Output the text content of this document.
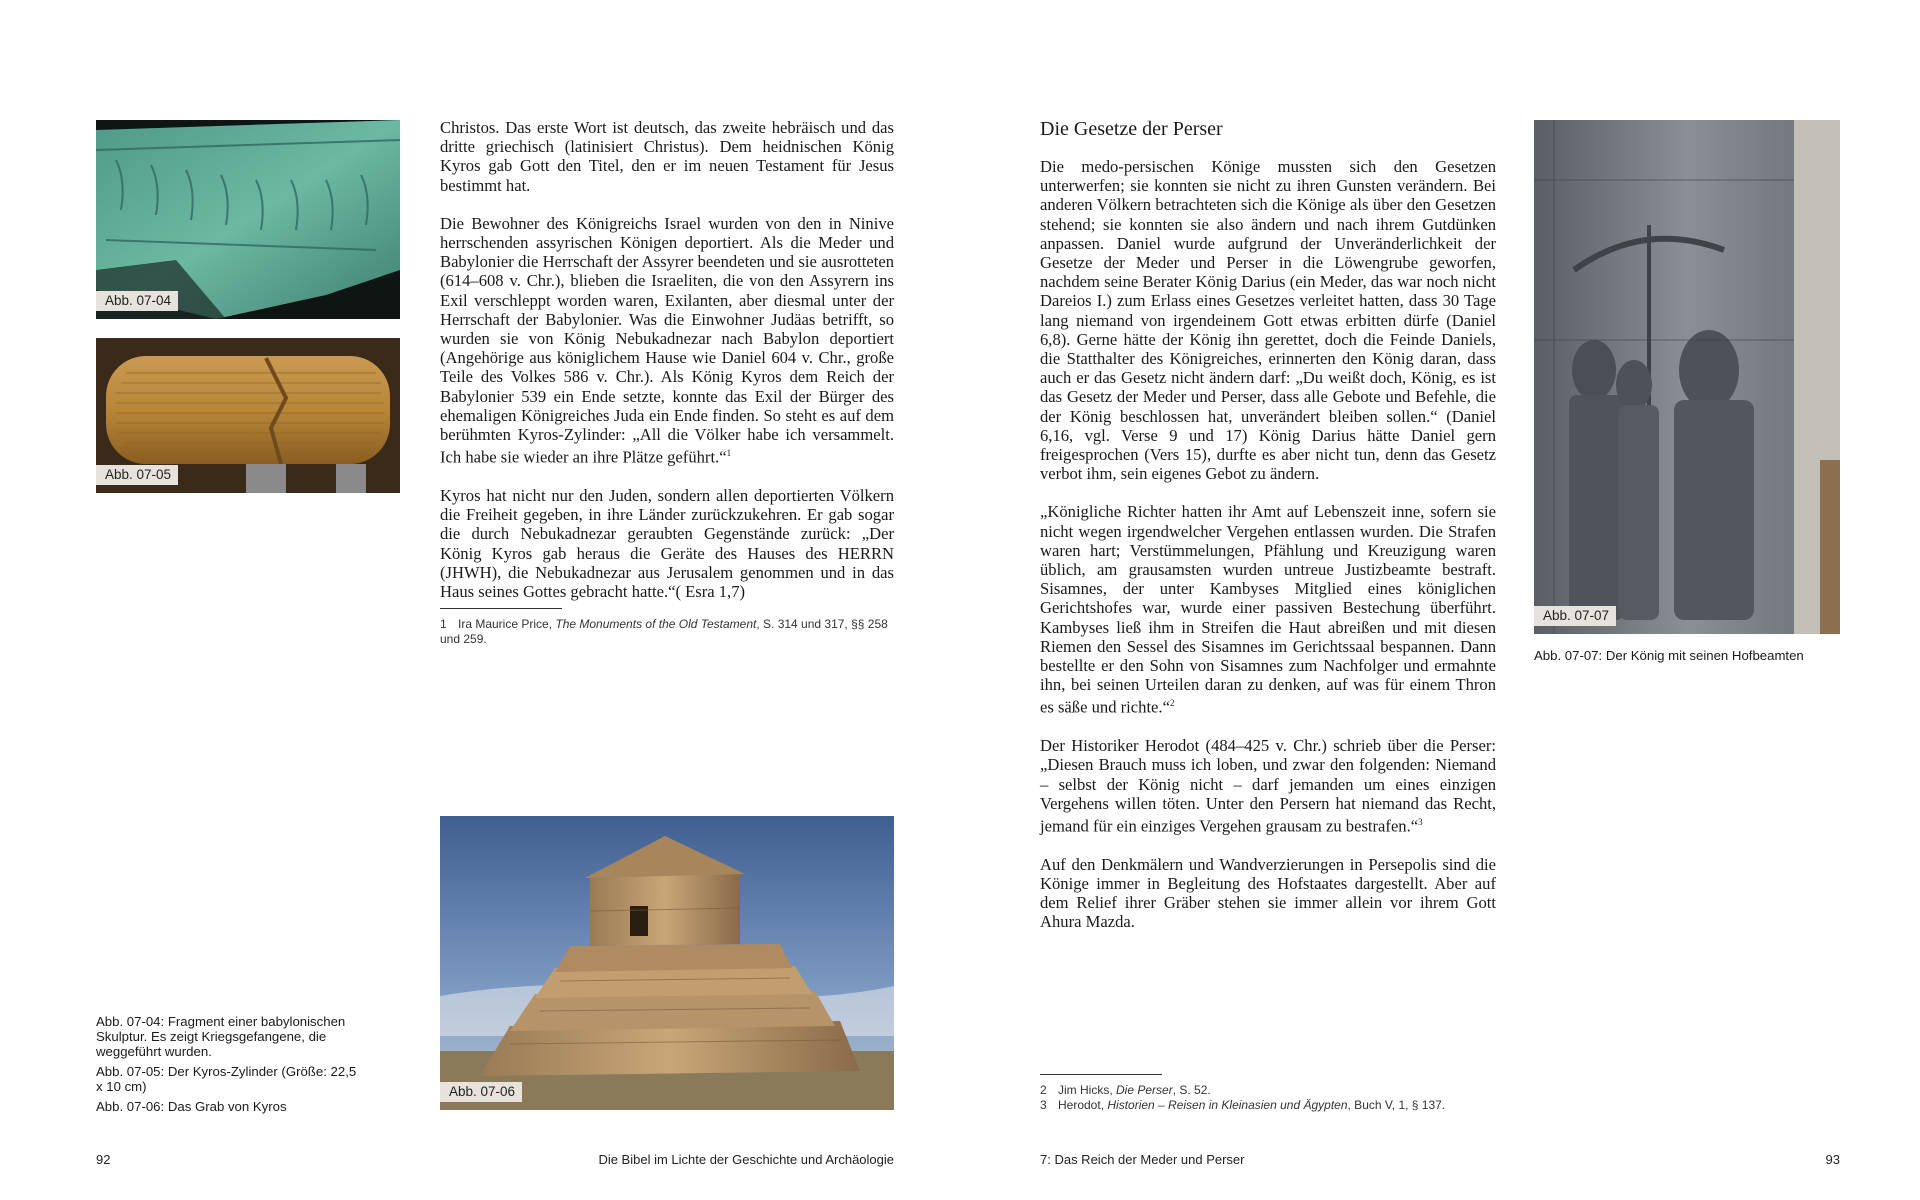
Abb. 07-04
Abb. 07-05

Christos. Das erste Wort ist deutsch, das zweite hebräisch und das dritte griechisch (latinisiert Christus). Dem heidnischen König Kyros gab Gott den Titel, den er im neuen Testament für Jesus bestimmt hat.

Die Bewohner des Königreichs Israel wurden von den in Ninive herrschenden assyrischen Königen deportiert. Als die Meder und Babylonier die Herrschaft der Assyrer beendeten und sie ausrotteten (614–608 v. Chr.), blieben die Israeliten, die von den Assyrern ins Exil verschleppt worden waren, Exilanten, aber diesmal unter der Herrschaft der Babylonier. Was die Einwohner Judäas betrifft, so wurden sie von König Nebukadnezar nach Babylon deportiert (Angehörige aus königlichem Hause wie Daniel 604 v. Chr., große Teile des Volkes 586 v. Chr.). Als König Kyros dem Reich der Babylonier 539 ein Ende setzte, konnte das Exil der Bürger des ehemaligen Königreiches Juda ein Ende finden. So steht es auf dem berühmten Kyros-Zylinder: „All die Völker habe ich versammelt. Ich habe sie wieder an ihre Plätze geführt.“$^1$

Kyros hat nicht nur den Juden, sondern allen deportierten Völkern die Freiheit gegeben, in ihre Länder zurückzukehren. Er gab sogar die durch Nebukadnezar geraubten Gegenstände zurück: „Der König Kyros gab heraus die Geräte des Hauses des HERRN (JHWH), die Nebukadnezar aus Jerusalem genommen und in das Haus seines Gottes gebracht hatte.“( Esra 1,7)

1 Ira Maurice Price, The Monuments of the Old Testament, S. 314 und 317, §§ 258 und 259.
Abb. 07-06
Abb. 07-04: Fragment einer babylonischen Skulptur. Es zeigt Kriegsgefangene, die weggeführt wurden.
Abb. 07-05: Der Kyros-Zylinder (Größe: 22,5 x 10 cm)
Abb. 07-06: Das Grab von Kyros
92	Die Bibel im Lichte der Geschichte und Archäologie
Die Gesetze der Perser

Die medo-persischen Könige mussten sich den Gesetzen unterwerfen; sie konnten sie nicht zu ihren Gunsten verändern. Bei anderen Völkern betrachteten sich die Könige als über den Gesetzen stehend; sie konnten sie also ändern und nach ihrem Gutdünken anpassen. Daniel wurde aufgrund der Unveränderlichkeit der Gesetze der Meder und Perser in die Löwengrube geworfen, nachdem seine Berater König Darius (ein Meder, das war noch nicht Dareios I.) zum Erlass eines Gesetzes verleitet hatten, dass 30 Tage lang niemand von irgendeinem Gott etwas erbitten dürfe (Daniel 6,8). Gerne hätte der König ihn gerettet, doch die Feinde Daniels, die Statthalter des Königreiches, erinnerten den König daran, dass auch er das Gesetz nicht ändern darf: „Du weißt doch, König, es ist das Gesetz der Meder und Perser, dass alle Gebote und Befehle, die der König beschlossen hat, unverändert bleiben sollen.“ (Daniel 6,16, vgl. Verse 9 und 17) König Darius hätte Daniel gern freigesprochen (Vers 15), durfte es aber nicht tun, denn das Gesetz verbot ihm, sein eigenes Gebot zu ändern.

„Königliche Richter hatten ihr Amt auf Lebenszeit inne, sofern sie nicht wegen irgendwelcher Vergehen entlassen wurden. Die Strafen waren hart; Verstümmelungen, Pfählung und Kreuzigung waren üblich, am grausamsten wurden untreue Justizbeamte bestraft. Sisamnes, der unter Kambyses Mitglied eines königlichen Gerichtshofes war, wurde einer passiven Bestechung überführt. Kambyses ließ ihm in Streifen die Haut abreißen und mit diesen Riemen den Sessel des Sisamnes im Gerichtssaal bespannen. Dann bestellte er den Sohn von Sisamnes zum Nachfolger und ermahnte ihn, bei seinen Urteilen daran zu denken, auf was für einem Thron es säße und richte.“$^2$

Der Historiker Herodot (484–425 v. Chr.) schrieb über die Perser: „Diesen Brauch muss ich loben, und zwar den folgenden: Niemand – selbst der König nicht – darf jemanden um eines einzigen Vergehens willen töten. Unter den Persern hat niemand das Recht, jemand für ein einziges Vergehen grausam zu bestrafen.“$^3$

Auf den Denkmälern und Wandverzierungen in Persepolis sind die Könige immer in Begleitung des Hofstaates dargestellt. Aber auf dem Relief ihrer Gräber stehen sie immer allein vor ihrem Gott Ahura Mazda.

Abb. 07-07
Abb. 07-07: Der König mit seinen Hofbeamten
2 Jim Hicks, Die Perser, S. 52.
3 Herodot, Historien – Reisen in Kleinasien und Ägypten, Buch V, 1, § 137.
7: Das Reich der Meder und Perser	93
